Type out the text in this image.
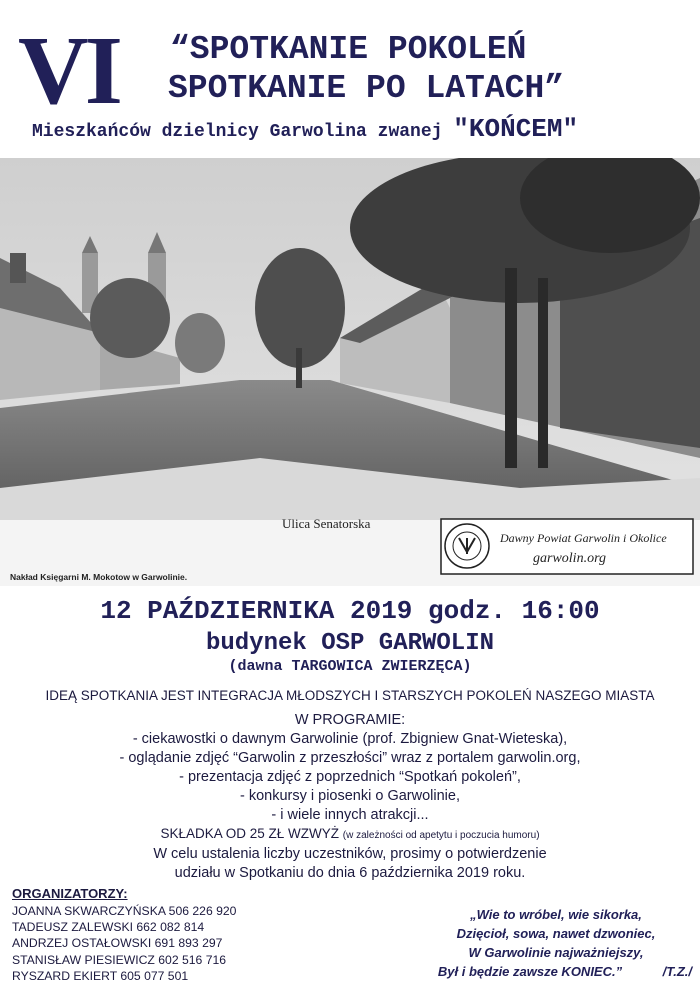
VI “SPOTKANIE POKOLEŃ
SPOTKANIE PO LATACH”
Mieszkańców dzielnicy Garwolina zwanej "KOŃCEM"
Ulica Senatorska
Nakład Księgarni M. Mokotow w Garwolinie.
Dawny Powiat Garwolin i Okolice
garwolin.org
12 PAŹDZIERNIKA 2019 godz. 16:00
budynek OSP GARWOLIN
(dawna TARGOWICA ZWIERZĘCA)
IDEĄ SPOTKANIA JEST INTEGRACJA MŁODSZYCH I STARSZYCH POKOLEŃ NASZEGO MIASTA
W PROGRAMIE:
- ciekawostki o dawnym Garwolinie (prof. Zbigniew Gnat-Wieteska),
- oglądanie zdjęć “Garwolin z przeszłości” wraz z portalem garwolin.org,
- prezentacja zdjęć z poprzednich “Spotkań pokoleń”,
- konkursy i piosenki o Garwolinie,
- i wiele innych atrakcji...
SKŁADKA OD 25 ZŁ WZWYŻ (w zależności od apetytu i poczucia humoru)
W celu ustalenia liczby uczestników, prosimy o potwierdzenie
udziału w Spotkaniu do dnia 6 października 2019 roku.
ORGANIZATORZY:
JOANNA SKWARCZYŃSKA 506 226 920
TADEUSZ ZALEWSKI 662 082 814
ANDRZEJ OSTAŁOWSKI 691 893 297
STANISŁAW PIESIEWICZ 602 516 716
RYSZARD EKIERT 605 077 501
„Wie to wróbel, wie sikorka,
Dzięcioł, sowa, nawet dzwoniec,
W Garwolinie najważniejszy,
Był i będzie zawsze KONIEC.”	/T.Z./
